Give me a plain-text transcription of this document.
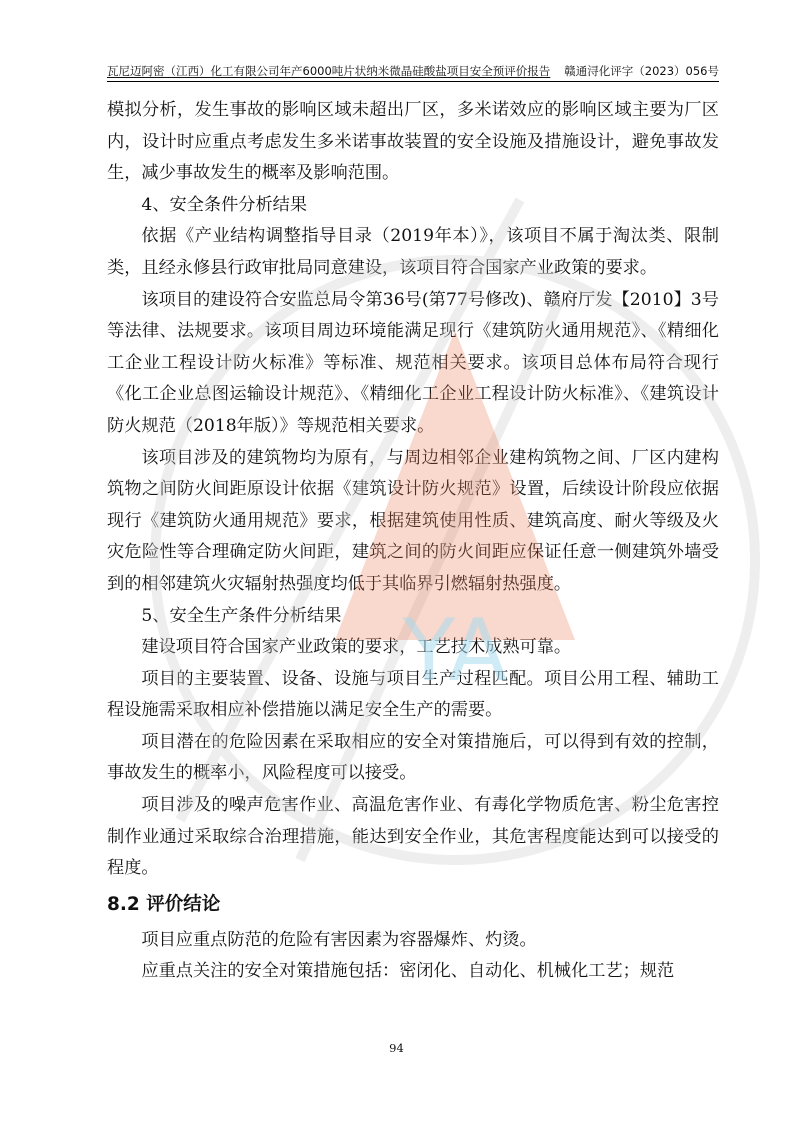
瓦尼迈阿密（江西）化工有限公司年产6000吨片状纳米微晶硅酸盐项目安全预评价报告 赣通浔化评字（2023）056号

模拟分析，发生事故的影响区域未超出厂区，多米诺效应的影响区域主要为厂区内，设计时应重点考虑发生多米诺事故装置的安全设施及措施设计，避免事故发生，减少事故发生的概率及影响范围。

4、安全条件分析结果

依据《产业结构调整指导目录（2019年本）》，该项目不属于淘汰类、限制类，且经永修县行政审批局同意建设，该项目符合国家产业政策的要求。

该项目的建设符合安监总局令第36号(第77号修改)、赣府厅发【2010】3号等法律、法规要求。该项目周边环境能满足现行《建筑防火通用规范》、《精细化工企业工程设计防火标准》等标准、规范相关要求。该项目总体布局符合现行《化工企业总图运输设计规范》、《精细化工企业工程设计防火标准》、《建筑设计防火规范（2018年版）》等规范相关要求。

该项目涉及的建筑物均为原有，与周边相邻企业建构筑物之间、厂区内建构筑物之间防火间距原设计依据《建筑设计防火规范》设置，后续设计阶段应依据现行《建筑防火通用规范》要求，根据建筑使用性质、建筑高度、耐火等级及火灾危险性等合理确定防火间距，建筑之间的防火间距应保证任意一侧建筑外墙受到的相邻建筑火灾辐射热强度均低于其临界引燃辐射热强度。

5、安全生产条件分析结果

建设项目符合国家产业政策的要求，工艺技术成熟可靠。

项目的主要装置、设备、设施与项目生产过程匹配。项目公用工程、辅助工程设施需采取相应补偿措施以满足安全生产的需要。

项目潜在的危险因素在采取相应的安全对策措施后，可以得到有效的控制，事故发生的概率小，风险程度可以接受。

项目涉及的噪声危害作业、高温危害作业、有毒化学物质危害、粉尘危害控制作业通过采取综合治理措施，能达到安全作业，其危害程度能达到可以接受的程度。

8.2 评价结论

项目应重点防范的危险有害因素为容器爆炸、灼烫。

应重点关注的安全对策措施包括：密闭化、自动化、机械化工艺；规范

YA
94
